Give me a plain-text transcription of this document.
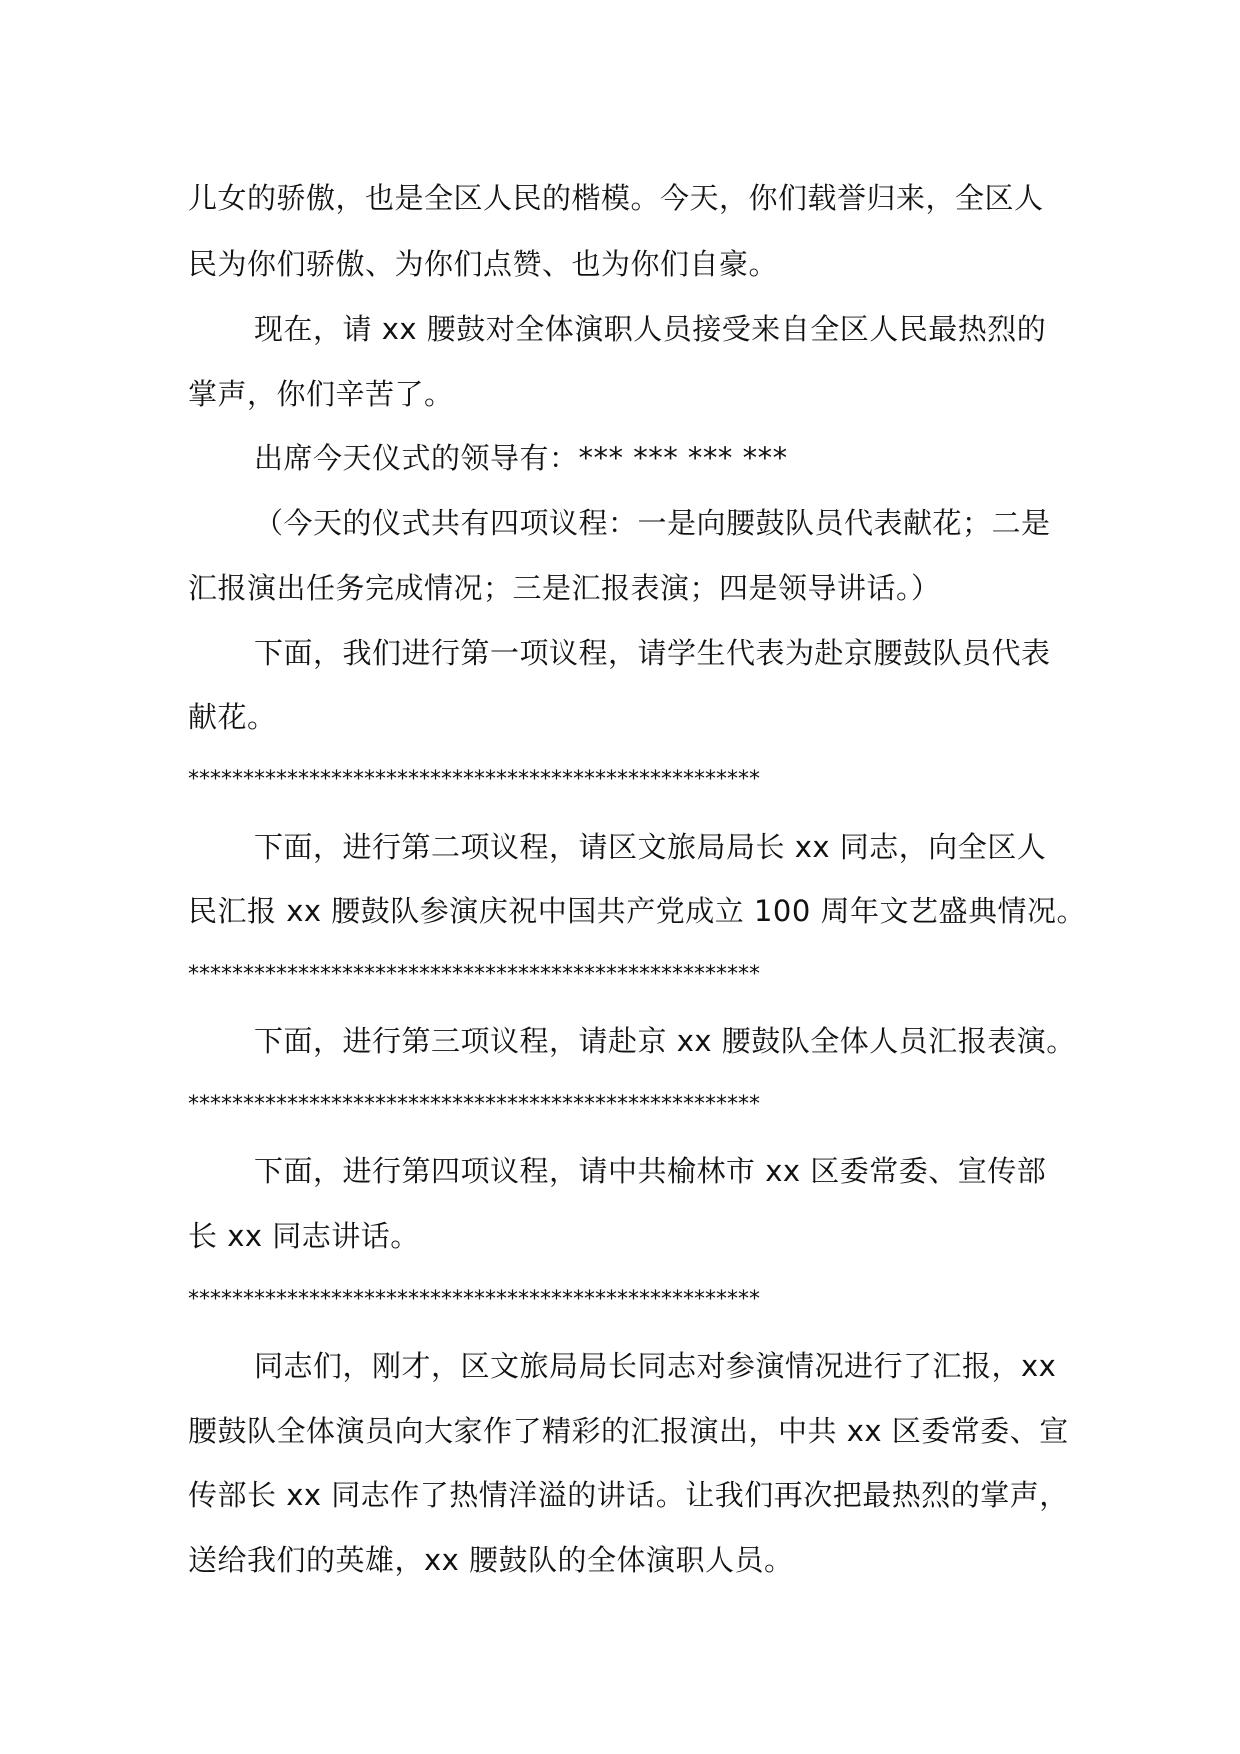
儿女的骄傲，也是全区人民的楷模。今天，你们载誉归来，全区人
民为你们骄傲、为你们点赞、也为你们自豪。
现在，请 xx 腰鼓对全体演职人员接受来自全区人民最热烈的
掌声，你们辛苦了。
出席今天仪式的领导有：*** *** *** ***
（今天的仪式共有四项议程：一是向腰鼓队员代表献花；二是
汇报演出任务完成情况；三是汇报表演；四是领导讲话。）
下面，我们进行第一项议程，请学生代表为赴京腰鼓队员代表
献花。
****************************************************
下面，进行第二项议程，请区文旅局局长 xx 同志，向全区人
民汇报 xx 腰鼓队参演庆祝中国共产党成立 100 周年文艺盛典情况。
****************************************************
下面，进行第三项议程，请赴京 xx 腰鼓队全体人员汇报表演。
****************************************************
下面，进行第四项议程，请中共榆林市 xx 区委常委、宣传部
长 xx 同志讲话。
****************************************************
同志们，刚才，区文旅局局长同志对参演情况进行了汇报，xx
腰鼓队全体演员向大家作了精彩的汇报演出，中共 xx 区委常委、宣
传部长 xx 同志作了热情洋溢的讲话。让我们再次把最热烈的掌声，
送给我们的英雄，xx 腰鼓队的全体演职人员。
